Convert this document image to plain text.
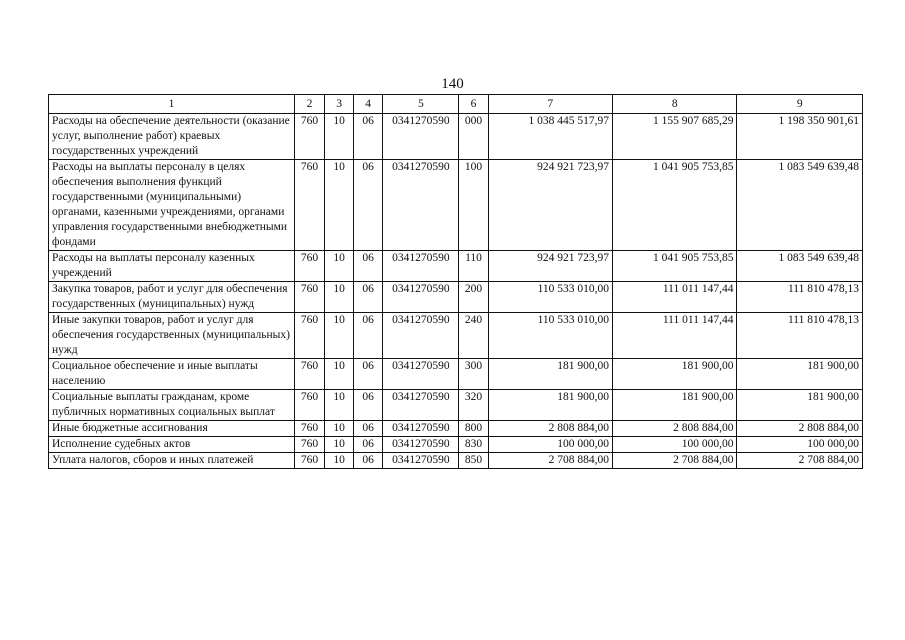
140
1	2	3	4	5	6	7	8	9
Расходы на обеспечение деятельности (оказание услуг, выполнение работ) краевых государственных учреждений	760	10	06	0341270590	000	1 038 445 517,97	1 155 907 685,29	1 198 350 901,61
Расходы на выплаты персоналу в целях обеспечения выполнения функций государственными (муниципальными) органами, казенными учреждениями, органами управления государственными внебюджетными фондами	760	10	06	0341270590	100	924 921 723,97	1 041 905 753,85	1 083 549 639,48
Расходы на выплаты персоналу казенных учреждений	760	10	06	0341270590	110	924 921 723,97	1 041 905 753,85	1 083 549 639,48
Закупка товаров, работ и услуг для обеспечения государственных (муниципальных) нужд	760	10	06	0341270590	200	110 533 010,00	111 011 147,44	111 810 478,13
Иные закупки товаров, работ и услуг для обеспечения государственных (муниципальных) нужд	760	10	06	0341270590	240	110 533 010,00	111 011 147,44	111 810 478,13
Социальное обеспечение и иные выплаты населению	760	10	06	0341270590	300	181 900,00	181 900,00	181 900,00
Социальные выплаты гражданам, кроме публичных нормативных социальных выплат	760	10	06	0341270590	320	181 900,00	181 900,00	181 900,00
Иные бюджетные ассигнования	760	10	06	0341270590	800	2 808 884,00	2 808 884,00	2 808 884,00
Исполнение судебных актов	760	10	06	0341270590	830	100 000,00	100 000,00	100 000,00
Уплата налогов, сборов и иных платежей	760	10	06	0341270590	850	2 708 884,00	2 708 884,00	2 708 884,00
